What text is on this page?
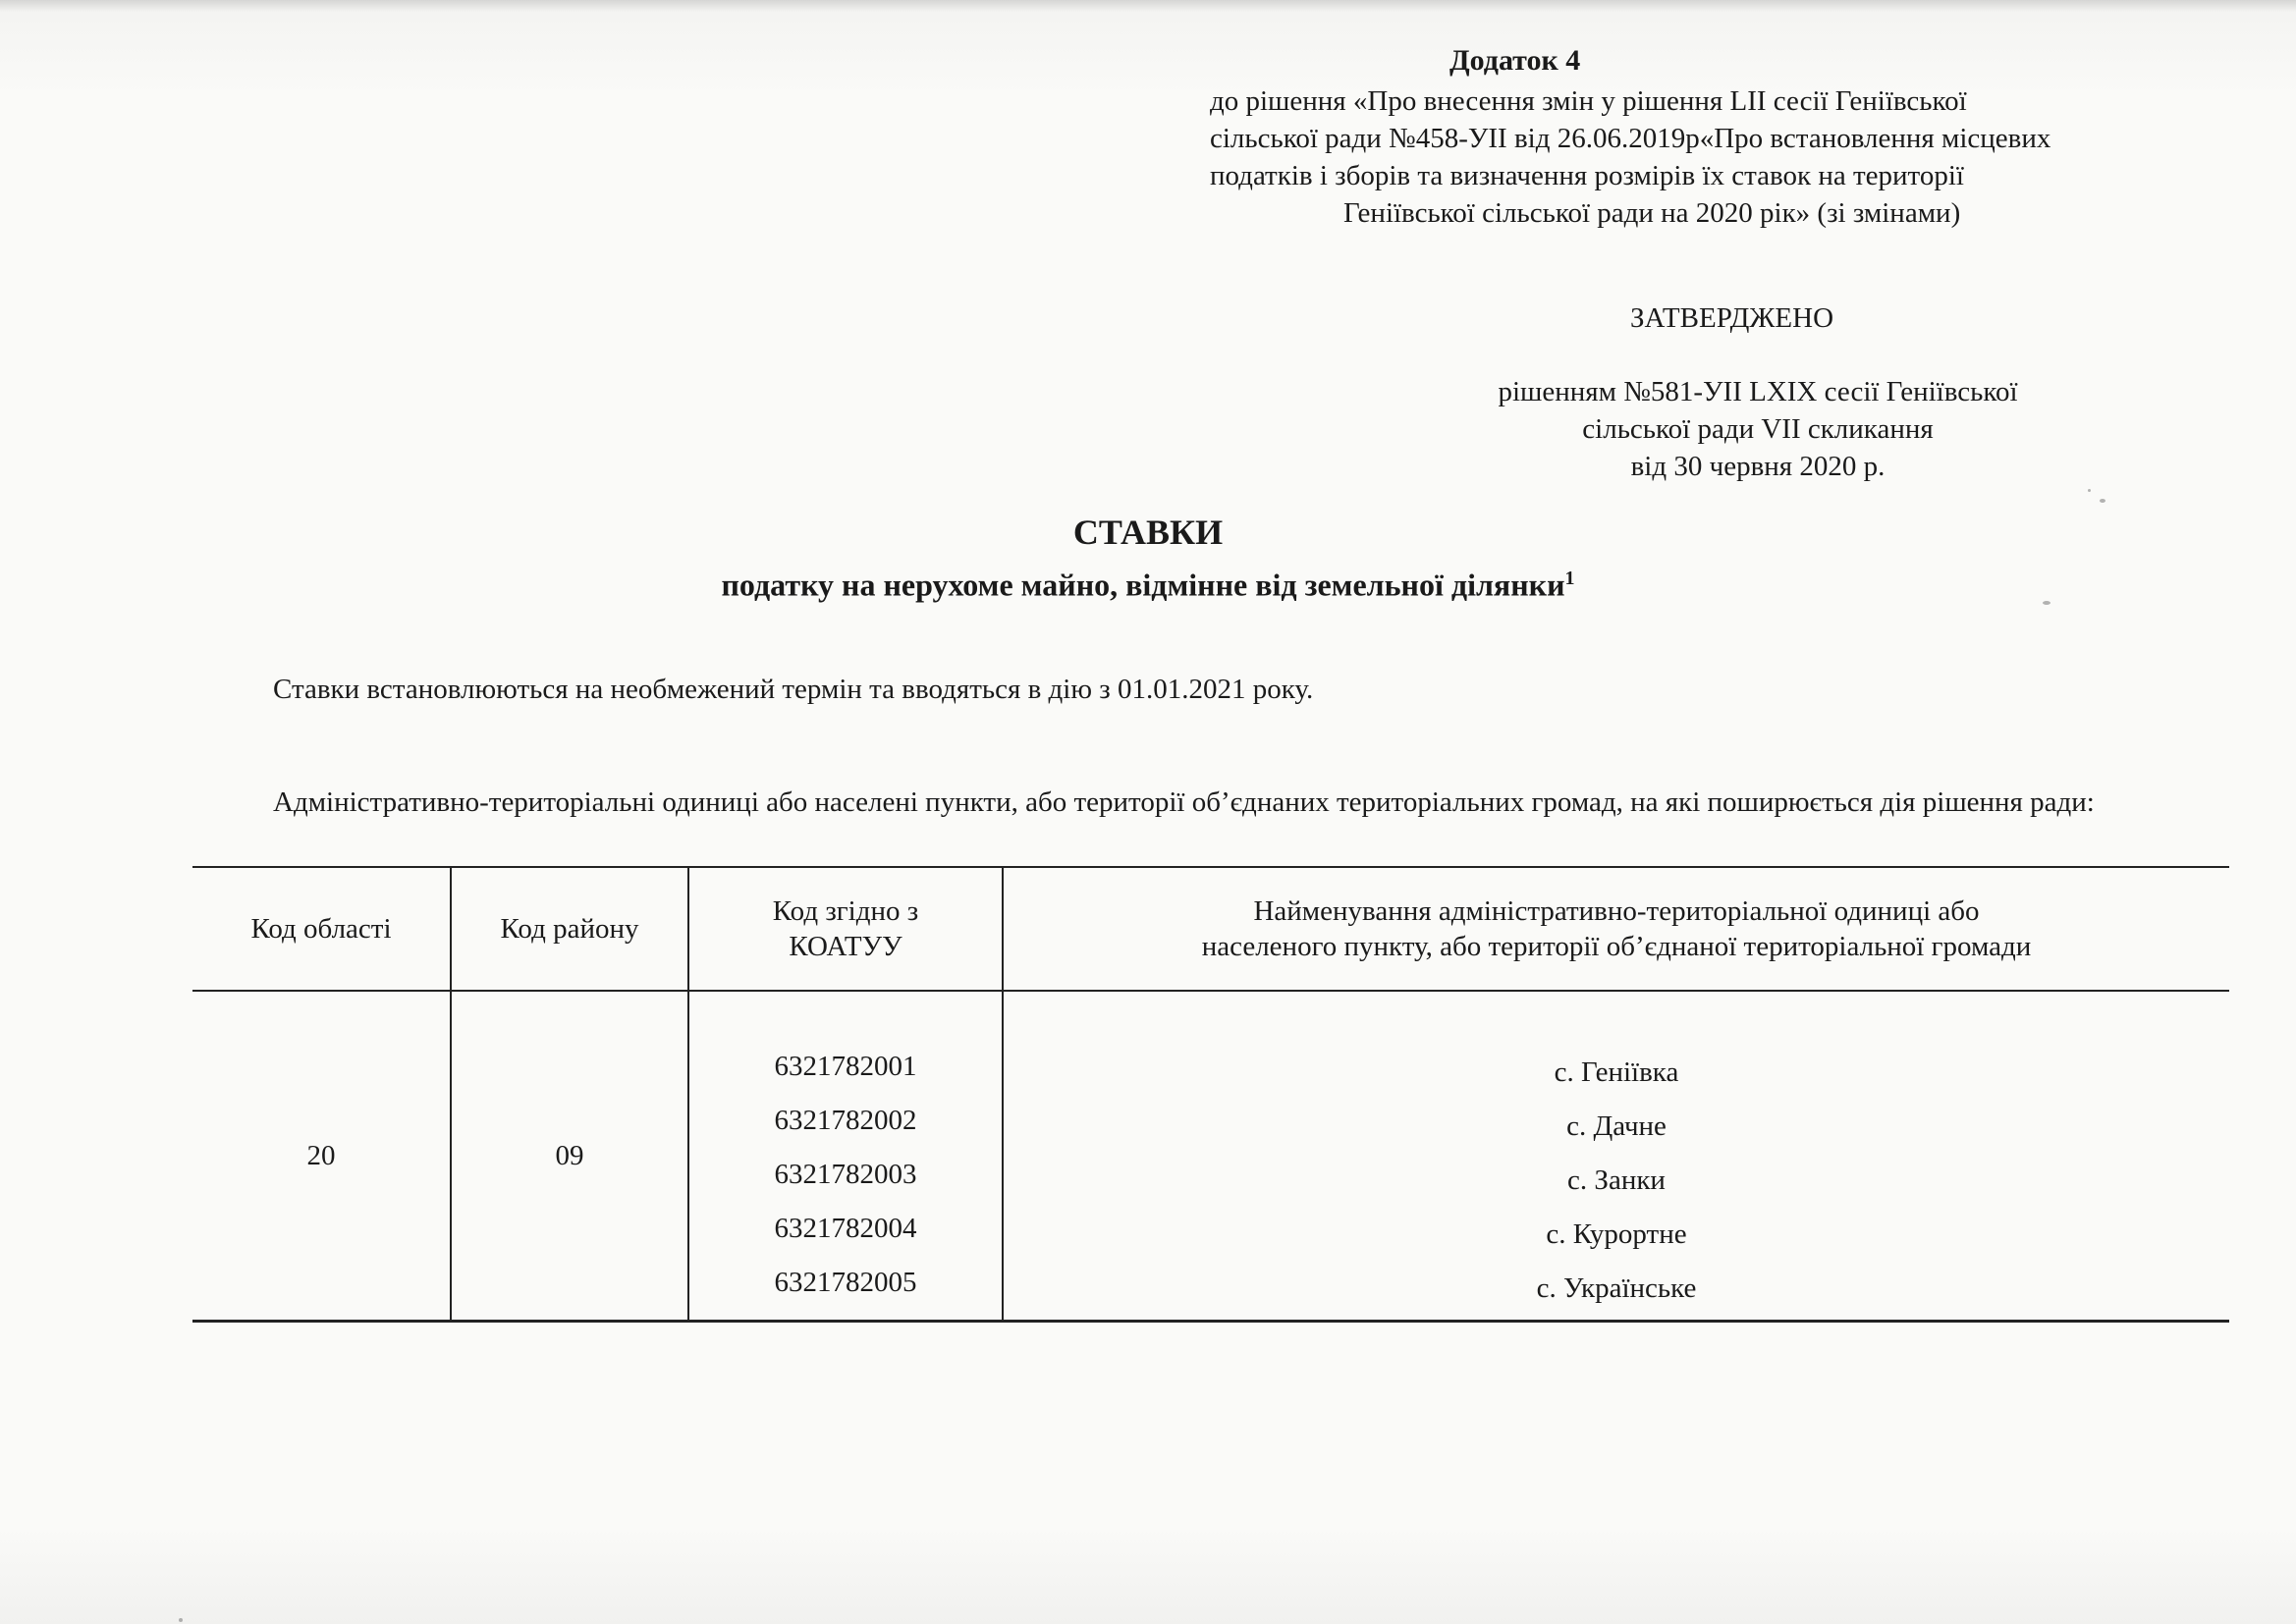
Додаток 4
до рішення «Про внесення змін у рішення LII сесії Геніївської
сільської ради №458-УІІ від 26.06.2019р«Про встановлення місцевих
податків і зборів та визначення розмірів їх ставок на території
Геніївської сільської ради на 2020 рік» (зі змінами)
ЗАТВЕРДЖЕНО
рішенням №581-УІІ LXIX сесії Геніївської
сільської ради VII скликання
від 30 червня 2020 р.
СТАВКИ
податку на нерухоме майно, відмінне від земельної ділянки$^1$
Ставки встановлюються на необмежений термін та вводяться в дію з 01.01.2021 року.
Адміністративно-територіальні одиниці або населені пункти, або території об’єднаних територіальних громад, на які поширюється дія рішення ради:
Код області	Код району	Код згідно з
КОАТУУ	Найменування адміністративно-територіальної одиниці або
населеного пункту, або території об’єднаної територіальної громади
20	09	6321782001
6321782002
6321782003
6321782004
6321782005	с. Геніївка
с. Дачне
с. Занки
с. Курортне
с. Українське
